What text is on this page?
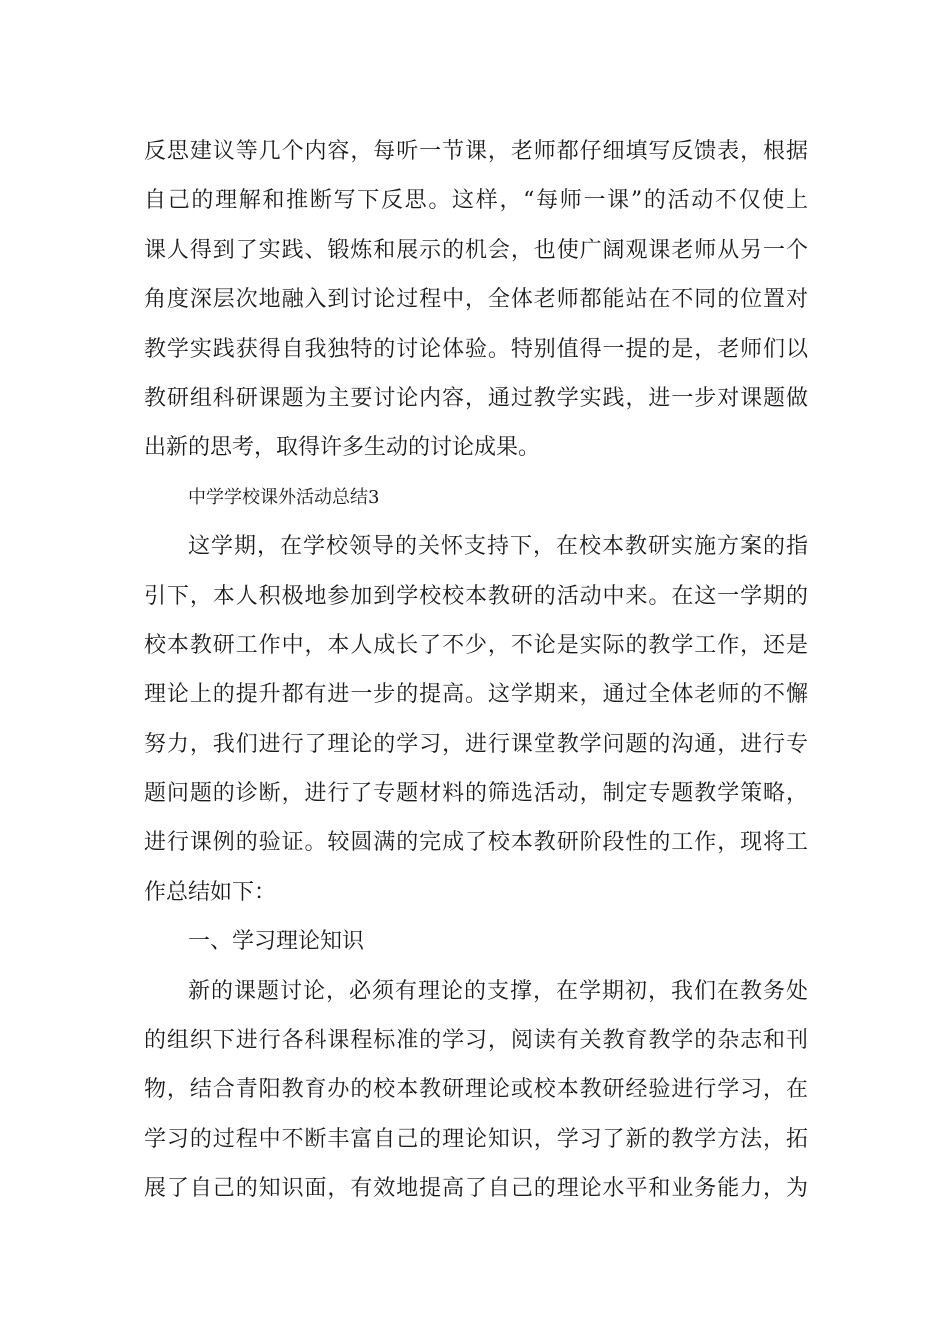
反思建议等几个内容，每听一节课，老师都仔细填写反馈表，根据
自己的理解和推断写下反思。这样，“每师一课”的活动不仅使上
课人得到了实践、锻炼和展示的机会，也使广阔观课老师从另一个
角度深层次地融入到讨论过程中，全体老师都能站在不同的位置对
教学实践获得自我独特的讨论体验。特别值得一提的是，老师们以
教研组科研课题为主要讨论内容，通过教学实践，进一步对课题做
出新的思考，取得许多生动的讨论成果。
中学学校课外活动总结3
这学期，在学校领导的关怀支持下，在校本教研实施方案的指
引下，本人积极地参加到学校校本教研的活动中来。在这一学期的
校本教研工作中，本人成长了不少，不论是实际的教学工作，还是
理论上的提升都有进一步的提高。这学期来，通过全体老师的不懈
努力，我们进行了理论的学习，进行课堂教学问题的沟通，进行专
题问题的诊断，进行了专题材料的筛选活动，制定专题教学策略，
进行课例的验证。较圆满的完成了校本教研阶段性的工作，现将工
作总结如下：
一、学习理论知识
新的课题讨论，必须有理论的支撑，在学期初，我们在教务处
的组织下进行各科课程标准的学习，阅读有关教育教学的杂志和刊
物，结合青阳教育办的校本教研理论或校本教研经验进行学习，在
学习的过程中不断丰富自己的理论知识，学习了新的教学方法，拓
展了自己的知识面，有效地提高了自己的理论水平和业务能力，为
